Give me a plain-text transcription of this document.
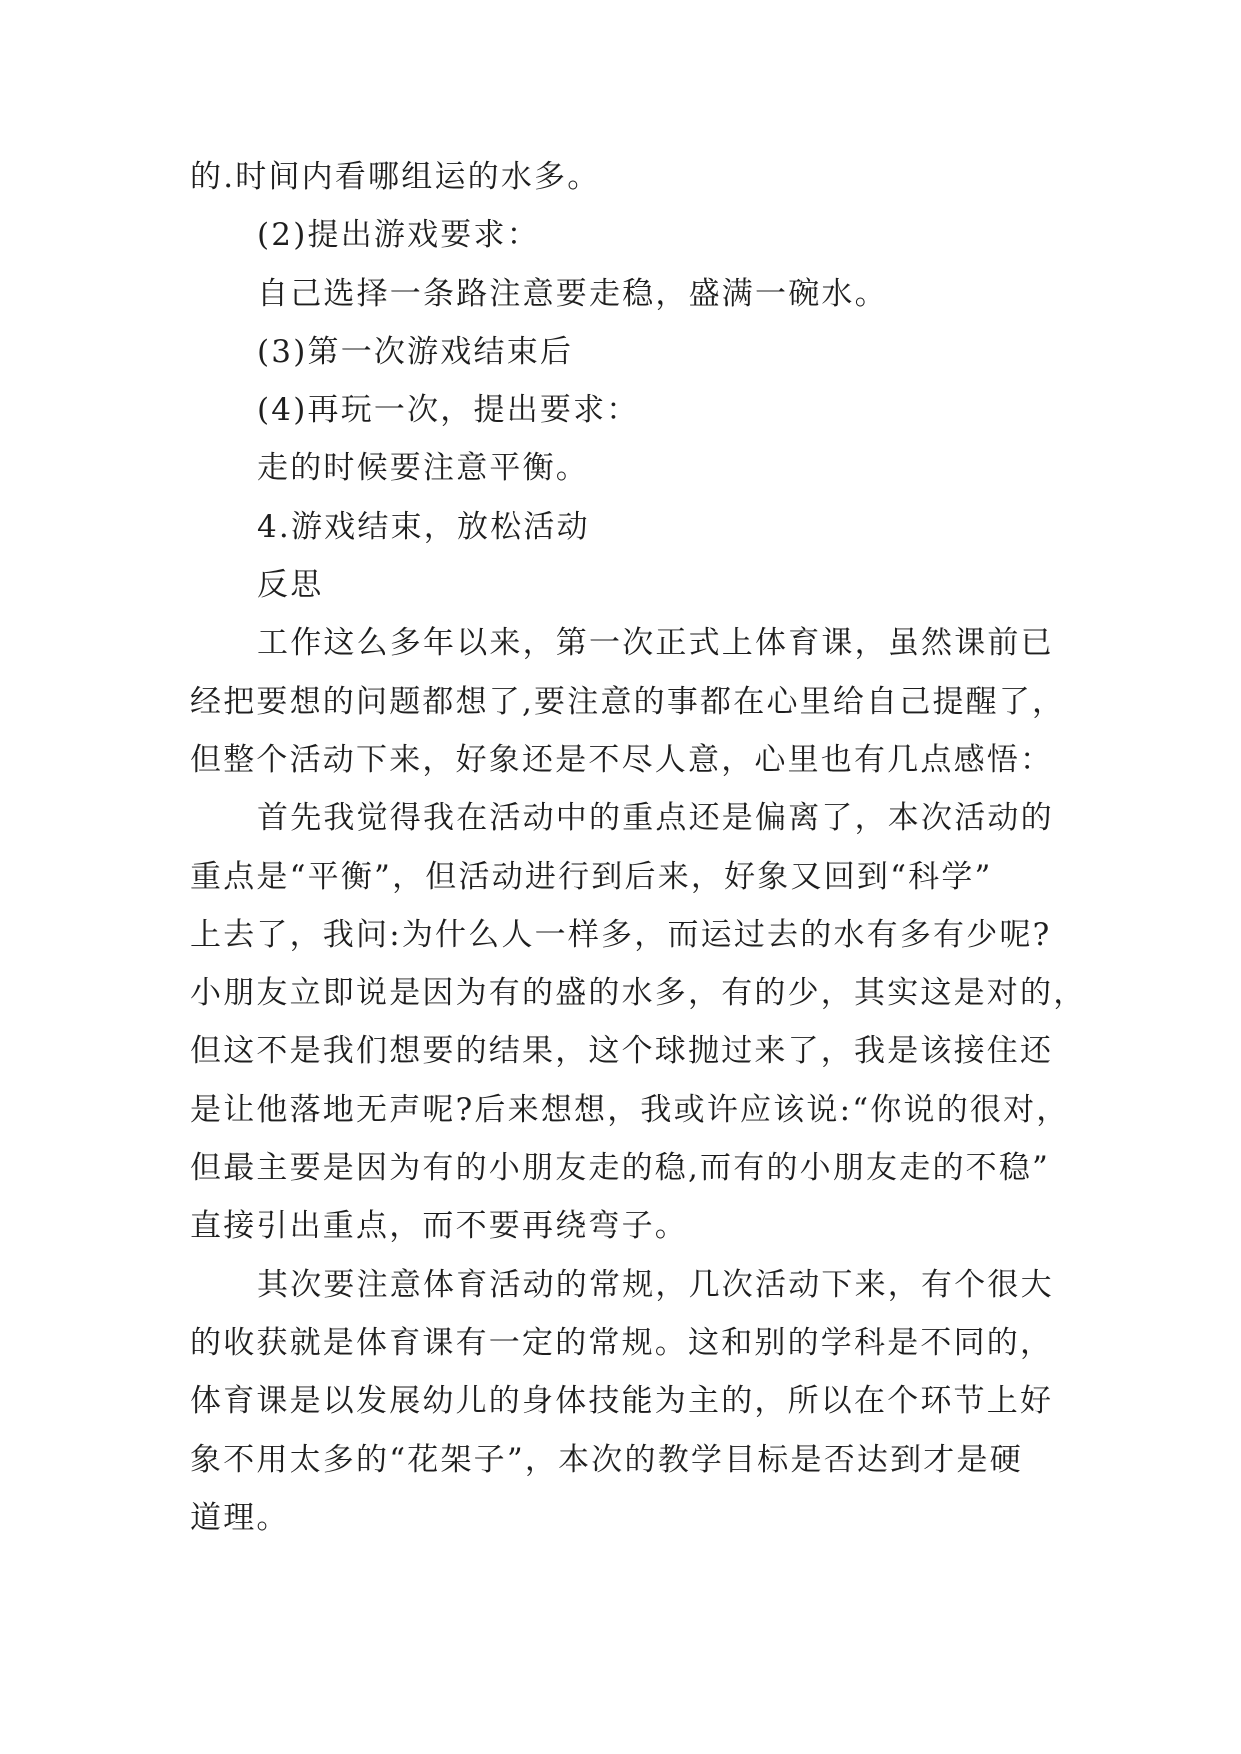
的.时间内看哪组运的水多。

(2)提出游戏要求：

自己选择一条路注意要走稳，盛满一碗水。

(3)第一次游戏结束后

(4)再玩一次，提出要求：

走的时候要注意平衡。

4.游戏结束，放松活动

反思

工作这么多年以来，第一次正式上体育课，虽然课前已

经把要想的问题都想了,要注意的事都在心里给自己提醒了，

但整个活动下来，好象还是不尽人意，心里也有几点感悟：

首先我觉得我在活动中的重点还是偏离了，本次活动的

重点是“平衡”，但活动进行到后来，好象又回到“科学”

上去了，我问:为什么人一样多，而运过去的水有多有少呢?

小朋友立即说是因为有的盛的水多，有的少，其实这是对的，

但这不是我们想要的结果，这个球抛过来了，我是该接住还

是让他落地无声呢?后来想想，我或许应该说:“你说的很对，

但最主要是因为有的小朋友走的稳,而有的小朋友走的不稳”

直接引出重点，而不要再绕弯子。

其次要注意体育活动的常规，几次活动下来，有个很大

的收获就是体育课有一定的常规。这和别的学科是不同的，

体育课是以发展幼儿的身体技能为主的，所以在个环节上好

象不用太多的“花架子”，本次的教学目标是否达到才是硬

道理。
